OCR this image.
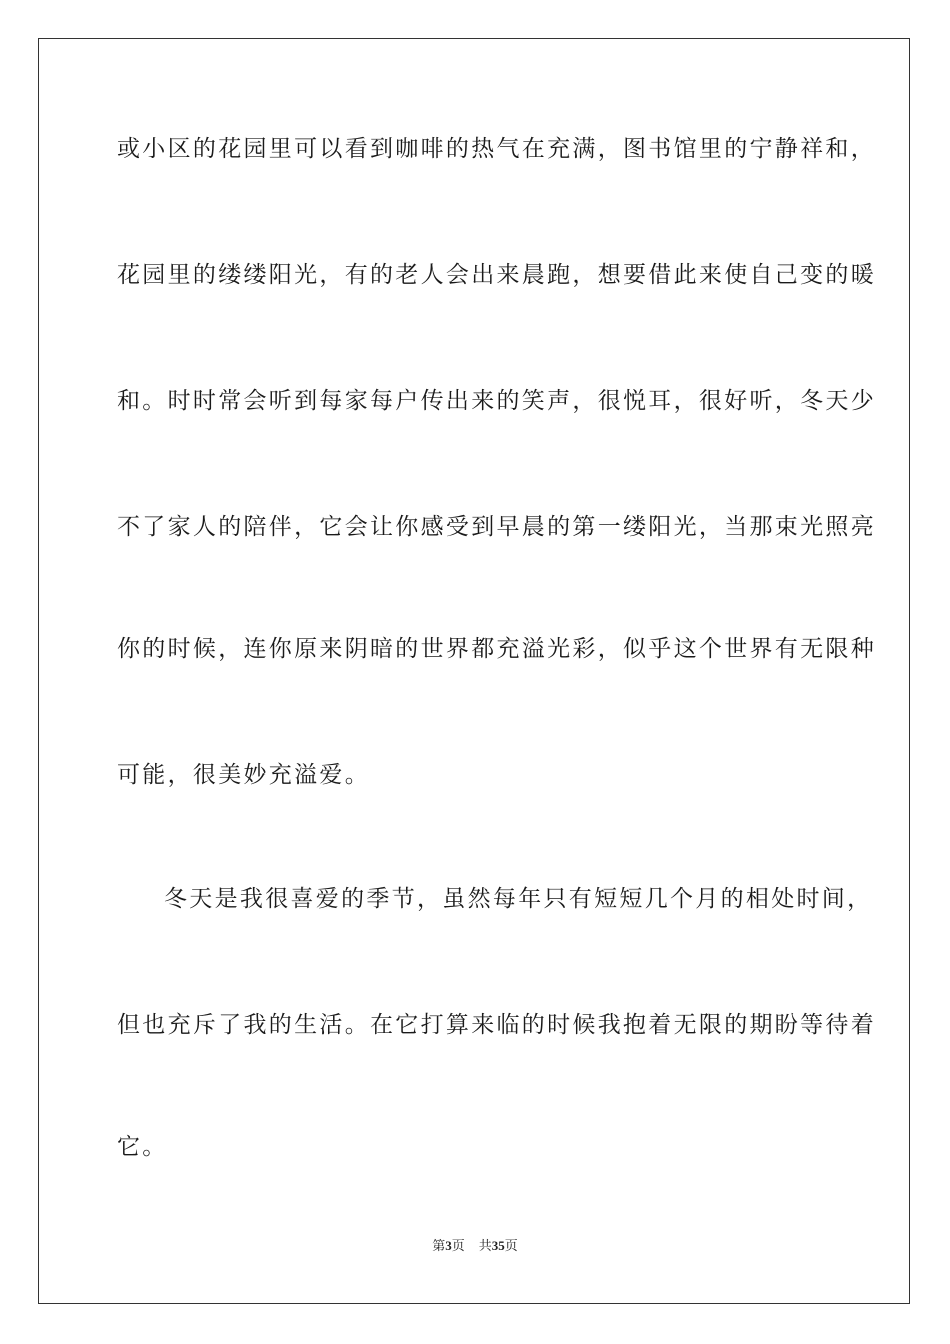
或小区的花园里可以看到咖啡的热气在充满，图书馆里的宁静祥和，
花园里的缕缕阳光，有的老人会出来晨跑，想要借此来使自己变的暖
和。时时常会听到每家每户传出来的笑声，很悦耳，很好听，冬天少
不了家人的陪伴，它会让你感受到早晨的第一缕阳光，当那束光照亮
你的时候，连你原来阴暗的世界都充溢光彩，似乎这个世界有无限种
可能，很美妙充溢爱。
冬天是我很喜爱的季节，虽然每年只有短短几个月的相处时间，
但也充斥了我的生活。在它打算来临的时候我抱着无限的期盼等待着
它。
第3页 共35页
